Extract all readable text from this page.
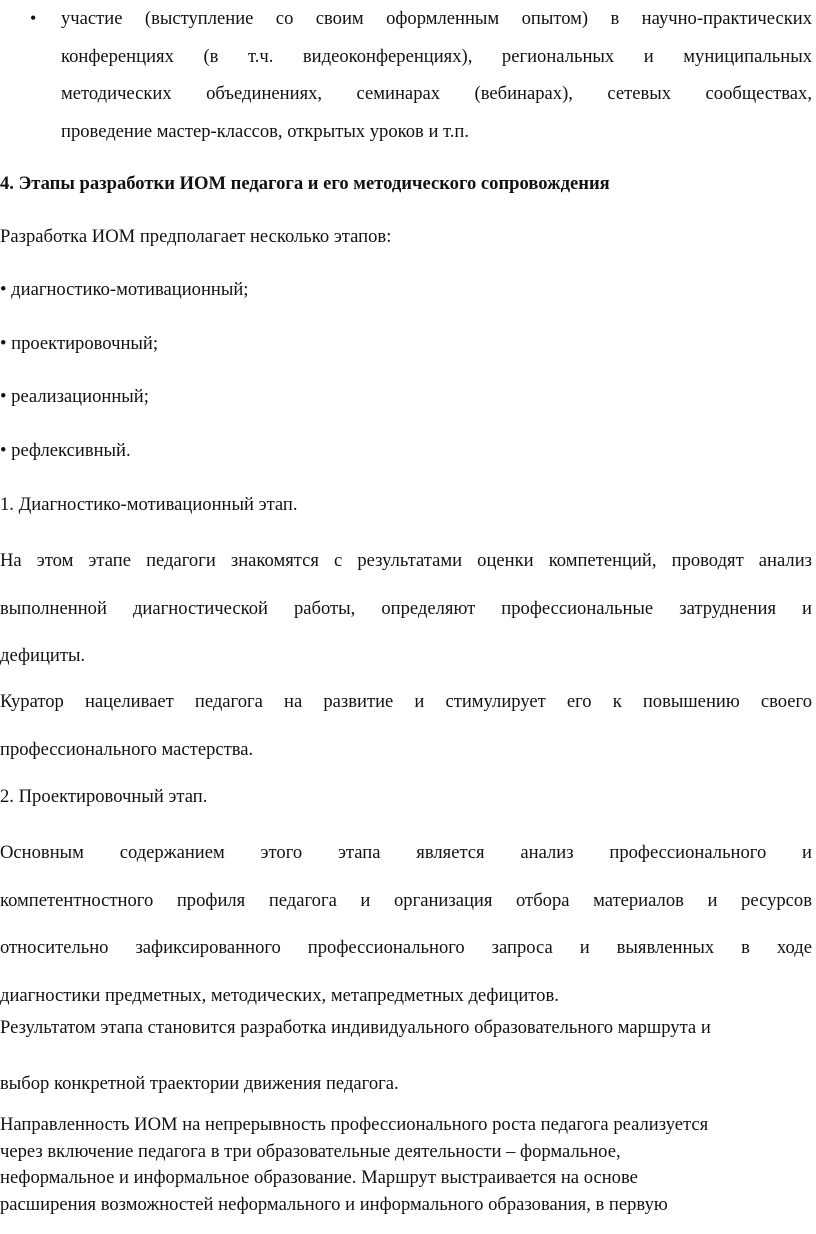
• участие (выступление со своим оформленным опытом) в научно-практических
конференциях (в т.ч. видеоконференциях), региональных и муниципальных
методических объединениях, семинарах (вебинарах), сетевых сообществах,
проведение мастер-классов, открытых уроков и т.п.
4. Этапы разработки ИОМ педагога и его методического сопровождения
Разработка ИОМ предполагает несколько этапов:
• диагностико-мотивационный;
• проектировочный;
• реализационный;
• рефлексивный.
1. Диагностико-мотивационный этап.
На этом этапе педагоги знакомятся с результатами оценки компетенций, проводят анализ
выполненной диагностической работы, определяют профессиональные затруднения и
дефициты.
Куратор нацеливает педагога на развитие и стимулирует его к повышению своего
профессионального мастерства.
2. Проектировочный этап.
Основным содержанием этого этапа является анализ профессионального и
компетентностного профиля педагога и организация отбора материалов и ресурсов
относительно зафиксированного профессионального запроса и выявленных в ходе
диагностики предметных, методических, метапредметных дефицитов.
Результатом этапа становится разработка индивидуального образовательного маршрута и
выбор конкретной траектории движения педагога.
Направленность ИОМ на непрерывность профессионального роста педагога реализуется
через включение педагога в три образовательные деятельности – формальное,
неформальное и информальное образование. Маршрут выстраивается на основе
расширения возможностей неформального и информального образования, в первую
